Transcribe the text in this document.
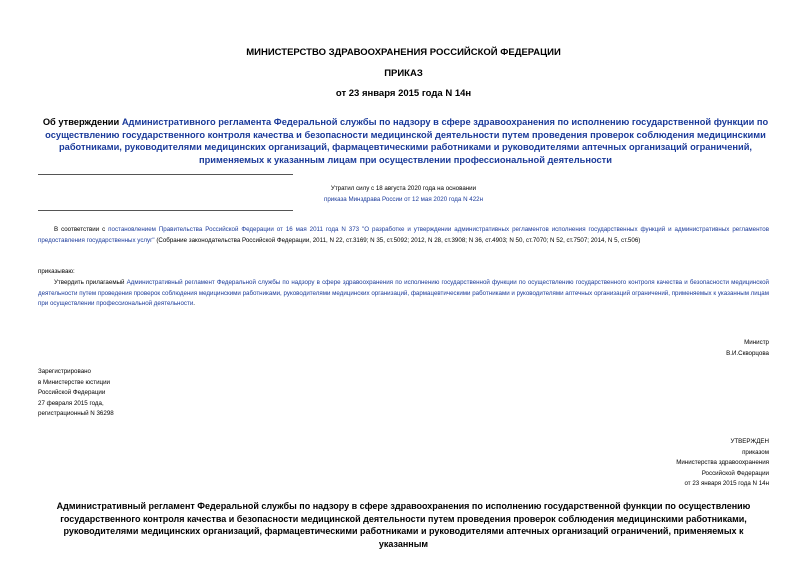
МИНИСТЕРСТВО ЗДРАВООХРАНЕНИЯ РОССИЙСКОЙ ФЕДЕРАЦИИ
ПРИКАЗ
от 23 января 2015 года N 14н
Об утверждении Административного регламента Федеральной службы по надзору в сфере здравоохранения по исполнению государственной функции по осуществлению государственного контроля качества и безопасности медицинской деятельности путем проведения проверок соблюдения медицинскими работниками, руководителями медицинских организаций, фармацевтическими работниками и руководителями аптечных организаций ограничений, применяемых к указанным лицам при осуществлении профессиональной деятельности
Утратил силу с 18 августа 2020 года на основании
приказа Минздрава России от 12 мая 2020 года N 422н
В соответствии с постановлением Правительства Российской Федерации от 16 мая 2011 года N 373 "О разработке и утверждении административных регламентов исполнения государственных функций и административных регламентов предоставления государственных услуг" (Собрание законодательства Российской Федерации, 2011, N 22, ст.3169; N 35, ст.5092; 2012, N 28, ст.3908; N 36, ст.4903; N 50, ст.7070; N 52, ст.7507; 2014, N 5, ст.506)
приказываю:
Утвердить прилагаемый Административный регламент Федеральной службы по надзору в сфере здравоохранения по исполнению государственной функции по осуществлению государственного контроля качества и безопасности медицинской деятельности путем проведения проверок соблюдения медицинскими работниками, руководителями медицинских организаций, фармацевтическими работниками и руководителями аптечных организаций ограничений, применяемых к указанным лицам при осуществлении профессиональной деятельности.
Министр
В.И.Скворцова
Зарегистрировано
в Министерстве юстиции
Российской Федерации
27 февраля 2015 года,
регистрационный N 36298
УТВЕРЖДЕН
приказом
Министерства здравоохранения
Российской Федерации
от 23 января 2015 года N 14н
Административный регламент Федеральной службы по надзору в сфере здравоохранения по исполнению государственной функции по осуществлению государственного контроля качества и безопасности медицинской деятельности путем проведения проверок соблюдения медицинскими работниками, руководителями медицинских организаций, фармацевтическими работниками и руководителями аптечных организаций ограничений, применяемых к указанным
